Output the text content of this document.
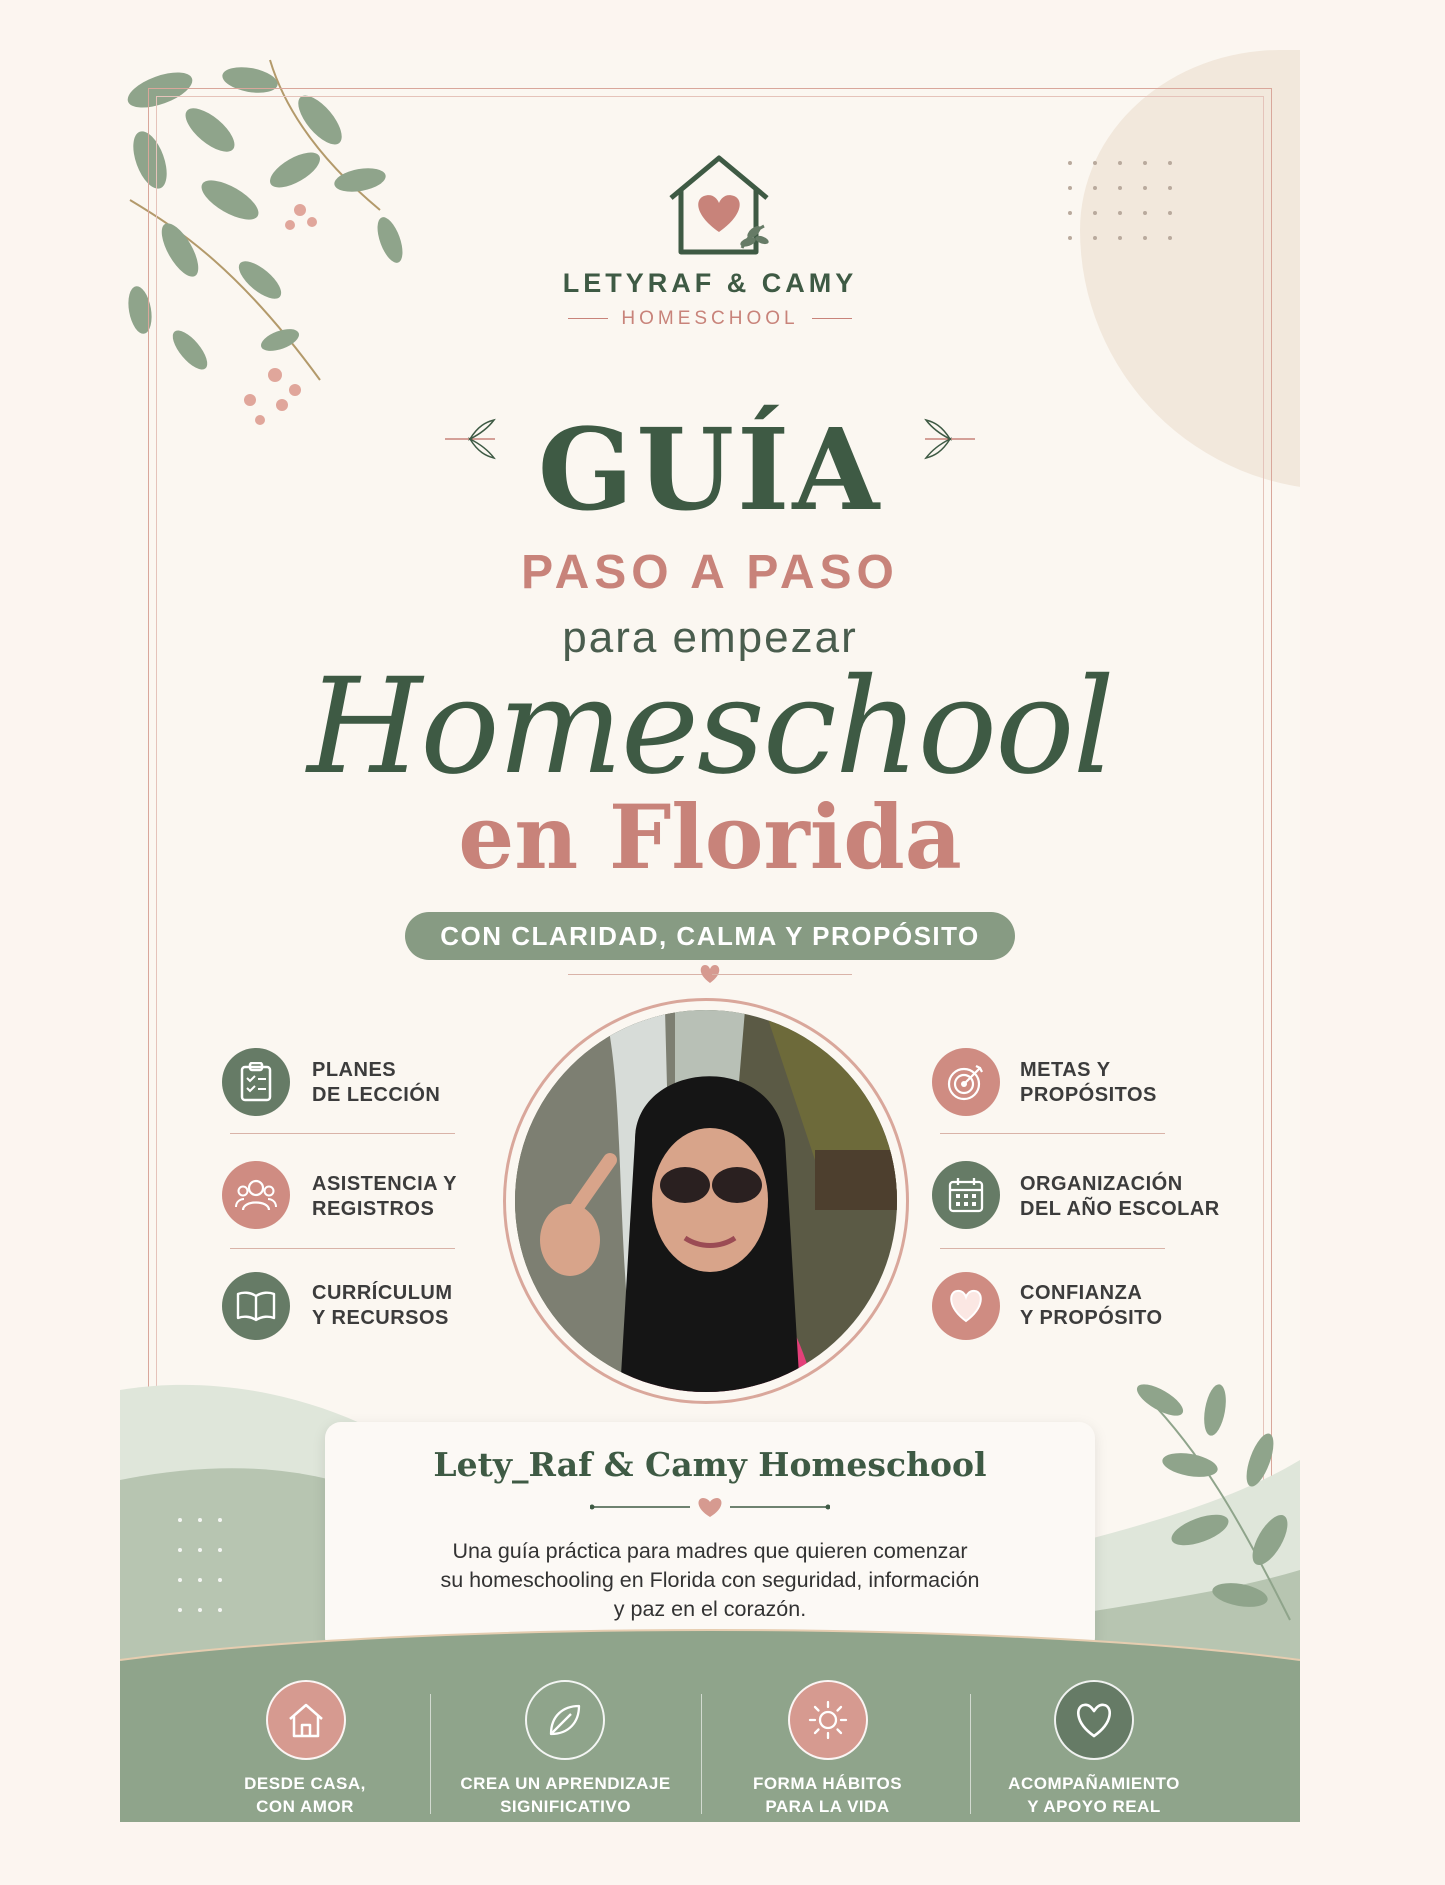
LETYRAF & CAMY
HOMESCHOOL
GUÍA
PASO A PASO
para empezar
Homeschool
en Florida
CON CLARIDAD, CALMA Y PROPÓSITO
PLANES
DE LECCIÓN
ASISTENCIA Y
REGISTROS
CURRÍCULUM
Y RECURSOS
METAS Y
PROPÓSITOS
ORGANIZACIÓN
DEL AÑO ESCOLAR
CONFIANZA
Y PROPÓSITO
Lety_Raf & Camy Homeschool
Una guía práctica para madres que quieren comenzar
su homeschooling en Florida con seguridad, información
y paz en el corazón.
DESDE CASA,
CON AMOR
CREA UN APRENDIZAJE
SIGNIFICATIVO
FORMA HÁBITOS
PARA LA VIDA
ACOMPAÑAMIENTO
Y APOYO REAL
